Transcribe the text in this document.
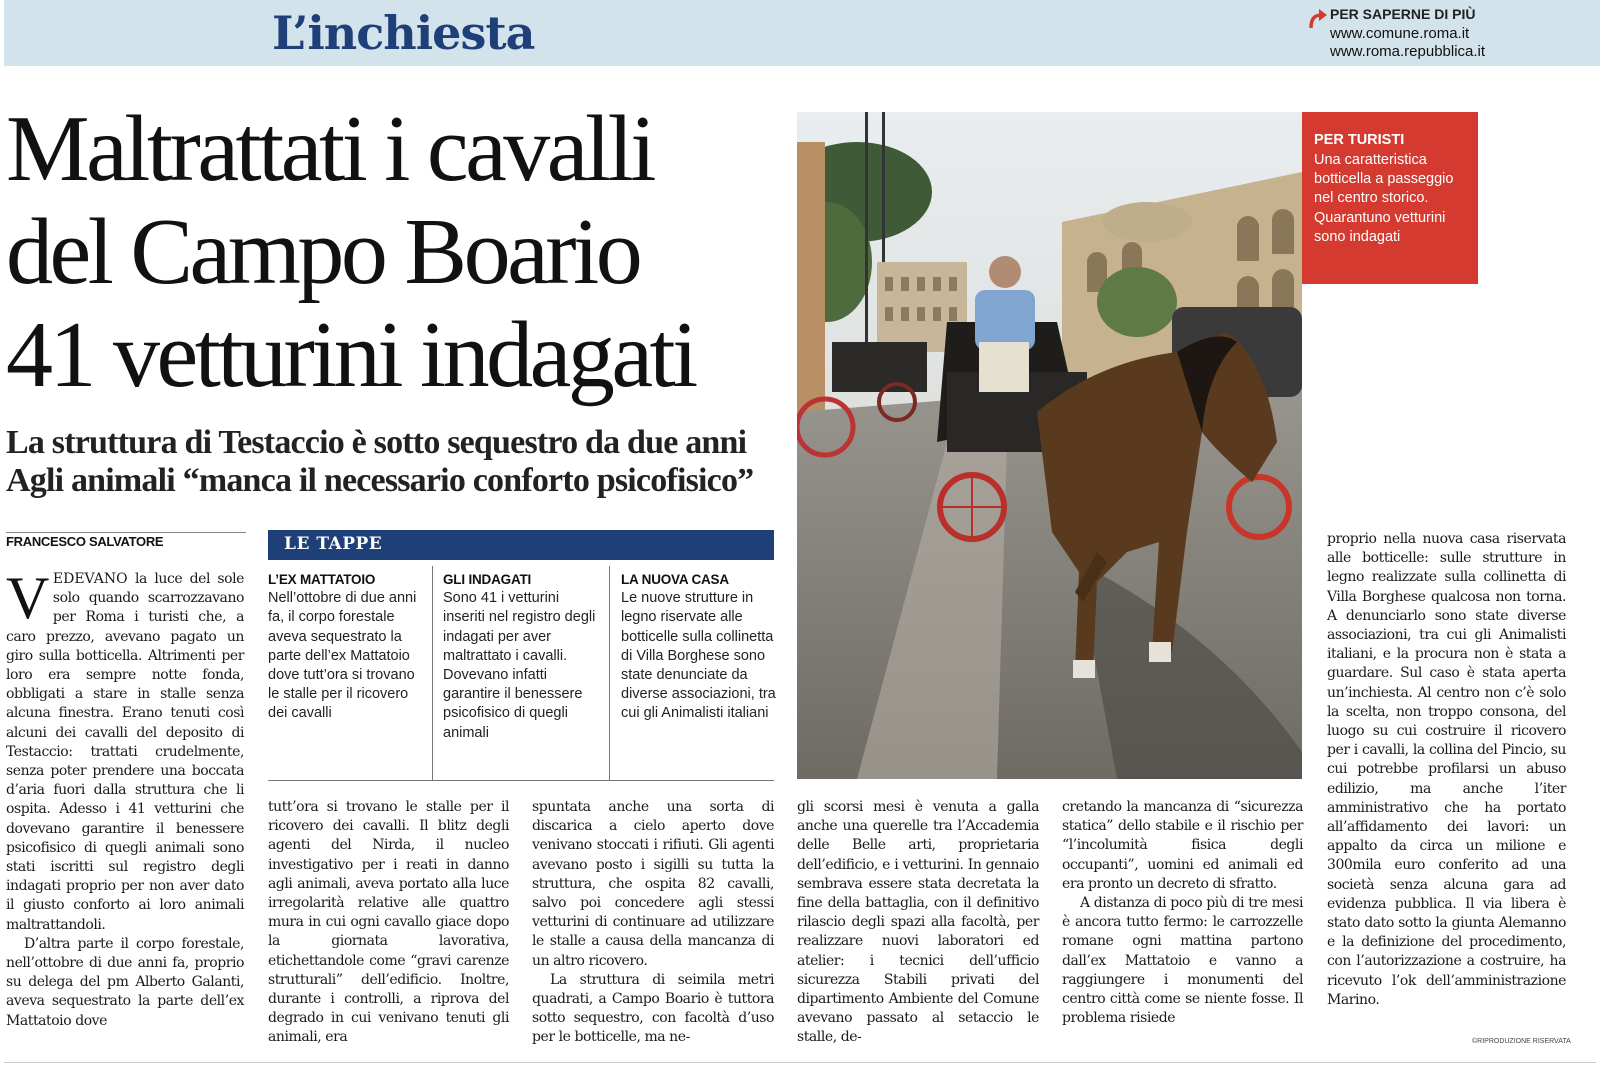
L’inchiesta	PER SAPERNE DI PIÙ
www.comune.roma.it
www.roma.repubblica.it
Maltrattati i cavalli
del Campo Boario
41 vetturini indagati
La struttura di Testaccio è sotto sequestro da due anni
Agli animali “manca il necessario conforto psicofisico”
FRANCESCO SALVATORE

VEDEVANO la luce del sole solo quando scarrozzavano per Roma i turisti che, a caro prezzo, avevano pagato un giro sulla botticella. Altrimenti per loro era sempre notte fonda, obbligati a stare in stalle senza alcuna finestra. Erano tenuti così alcuni dei cavalli del deposito di Testaccio: trattati crudelmente, senza poter prendere una boccata d’aria fuori dalla struttura che li ospita. Adesso i 41 vetturini che dovevano garantire il benessere psicofisico di quegli animali sono stati iscritti sul registro degli indagati proprio per non aver dato il giusto conforto ai loro animali maltrattandoli.

D’altra parte il corpo forestale, nell’ottobre di due anni fa, proprio su delega del pm Alberto Galanti, aveva sequestrato la parte dell’ex Mattatoio dove

LE TAPPE
L’EX MATTATOIO
Nell’ottobre di due anni fa, il corpo forestale aveva sequestrato la parte dell’ex Mattatoio dove tutt’ora si trovano le stalle per il ricovero dei cavalli
GLI INDAGATI
Sono 41 i vetturini inseriti nel registro degli indagati per aver maltrattato i cavalli. Dovevano infatti garantire il benessere psicofisico di quegli animali
LA NUOVA CASA
Le nuove strutture in legno riservate alle botticelle sulla collinetta di Villa Borghese sono state denunciate da diverse associazioni, tra cui gli Animalisti italiani

tutt’ora si trovano le stalle per il ricovero dei cavalli. Il blitz degli agenti del Nirda, il nucleo investigativo per i reati in danno agli animali, aveva portato alla luce irregolarità relative alle quattro mura in cui ogni cavallo giace dopo la giornata lavorativa, etichettandole come “gravi carenze strutturali” dell’edificio. Inoltre, durante i controlli, a riprova del degrado in cui venivano tenuti gli animali, era

spuntata anche una sorta di discarica a cielo aperto dove venivano stoccati i rifiuti. Gli agenti avevano posto i sigilli su tutta la struttura, che ospita 82 cavalli, salvo poi concedere agli stessi vetturini di continuare ad utilizzare le stalle a causa della mancanza di un altro ricovero.

La struttura di seimila metri quadrati, a Campo Boario è tuttora sotto sequestro, con facoltà d’uso per le botticelle, ma ne-

gli scorsi mesi è venuta a galla anche una querelle tra l’Accademia delle Belle arti, proprietaria dell’edificio, e i vetturini. In gennaio sembrava essere stata decretata la fine della battaglia, con il definitivo rilascio degli spazi alla facoltà, per realizzare nuovi laboratori ed atelier: i tecnici dell’ufficio sicurezza Stabili privati del dipartimento Ambiente del Comune avevano passato al setaccio le stalle, de-

cretando la mancanza di “sicurezza statica” dello stabile e il rischio per “l’incolumità fisica degli occupanti”, uomini ed animali ed era pronto un decreto di sfratto.

A distanza di poco più di tre mesi è ancora tutto fermo: le carrozzelle romane ogni mattina partono dall’ex Mattatoio e vanno a raggiungere i monumenti del centro città come se niente fosse. Il problema risiede

proprio nella nuova casa riservata alle botticelle: sulle strutture in legno realizzate sulla collinetta di Villa Borghese qualcosa non torna. A denunciarlo sono state diverse associazioni, tra cui gli Animalisti italiani, e la procura non è stata a guardare. Sul caso è stata aperta un’inchiesta. Al centro non c’è solo la scelta, non troppo consona, del luogo su cui costruire il ricovero per i cavalli, la collina del Pincio, su cui potrebbe profilarsi un abuso edilizio, ma anche l’iter amministrativo che ha portato all’affidamento dei lavori: un appalto da circa un milione e 300mila euro conferito ad una società senza alcuna gara ad evidenza pubblica. Il via libera è stato dato sotto la giunta Alemanno e la definizione del procedimento, con l’autorizzazione a costruire, ha ricevuto l’ok dell’amministrazione Marino.

PER TURISTI
Una caratteristica botticella a passeggio nel centro storico. Quarantuno vetturini sono indagati
©RIPRODUZIONE RISERVATA
